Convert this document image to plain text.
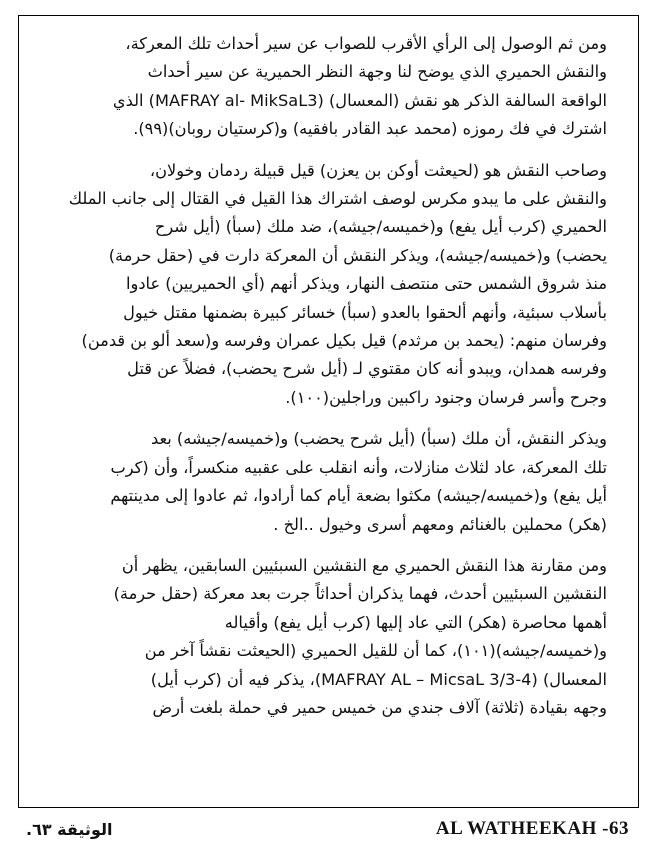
ومن ثم الوصول إلى الرأي الأقرب للصواب عن سير أحداث تلك المعركة،
والنقش الحميري الذي يوضح لنا وجهة النظر الحميرية عن سير أحداث
الواقعة السالفة الذكر هو نقش (المعسال) (MAFRAY al- MikSaL3) الذي
اشترك في فك رموزه (محمد عبد القادر بافقيه) و(كرستيان روبان)(٩٩).

وصاحب النقش هو (لحيعثت أوكن بن يعزن) قيل قبيلة ردمان وخولان،
والنقش على ما يبدو مكرس لوصف اشتراك هذا القيل في القتال إلى جانب الملك
الحميري (كرب أيل يفع) و(خميسه/جيشه)، ضد ملك (سبأ) (أيل شرح
يحضب) و(خميسه/جيشه)، ويذكر النقش أن المعركة دارت في (حقل حرمة)
منذ شروق الشمس حتى منتصف النهار، ويذكر أنهم (أي الحميريين) عادوا
بأسلاب سبئية، وأنهم ألحقوا بالعدو (سبأ) خسائر كبيرة بضمنها مقتل خيول
وفرسان منهم: (يحمد بن مرثدم) قيل بكيل عمران وفرسه و(سعد ألو بن قدمن)
وفرسه همدان، ويبدو أنه كان مقتوي لـ (أيل شرح يحضب)، فضلاً عن قتل
وجرح وأسر فرسان وجنود راكبين وراجلين(١٠٠).

ويذكر النقش، أن ملك (سبأ) (أيل شرح يحضب) و(خميسه/جيشه) بعد
تلك المعركة، عاد لثلاث منازلات، وأنه انقلب على عقبيه منكسراً، وأن (كرب
أيل يفع) و(خميسه/جيشه) مكثوا بضعة أيام كما أرادوا، ثم عادوا إلى مدينتهم
(هكر) محملين بالغنائم ومعهم أسرى وخيول ..الخ .

ومن مقارنة هذا النقش الحميري مع النقشين السبئيين السابقين، يظهر أن
النقشين السبئيين أحدث، فهما يذكران أحداثاً جرت بعد معركة (حقل حرمة)
أهمها محاصرة (هكر) التي عاد إليها (كرب أيل يفع) وأقياله
و(خميسه/جيشه)(١٠١)، كما أن للقيل الحميري (الحيعثت نقشاً آخر من
المعسال) (MAFRAY AL – MicsaL 3/3-4)، يذكر فيه أن (كرب أيل)
وجهه بقيادة (ثلاثة) آلاف جندي من خميس حمير في حملة بلغت أرض

AL WATHEEKAH -63
الوثيقة ٦٣.
